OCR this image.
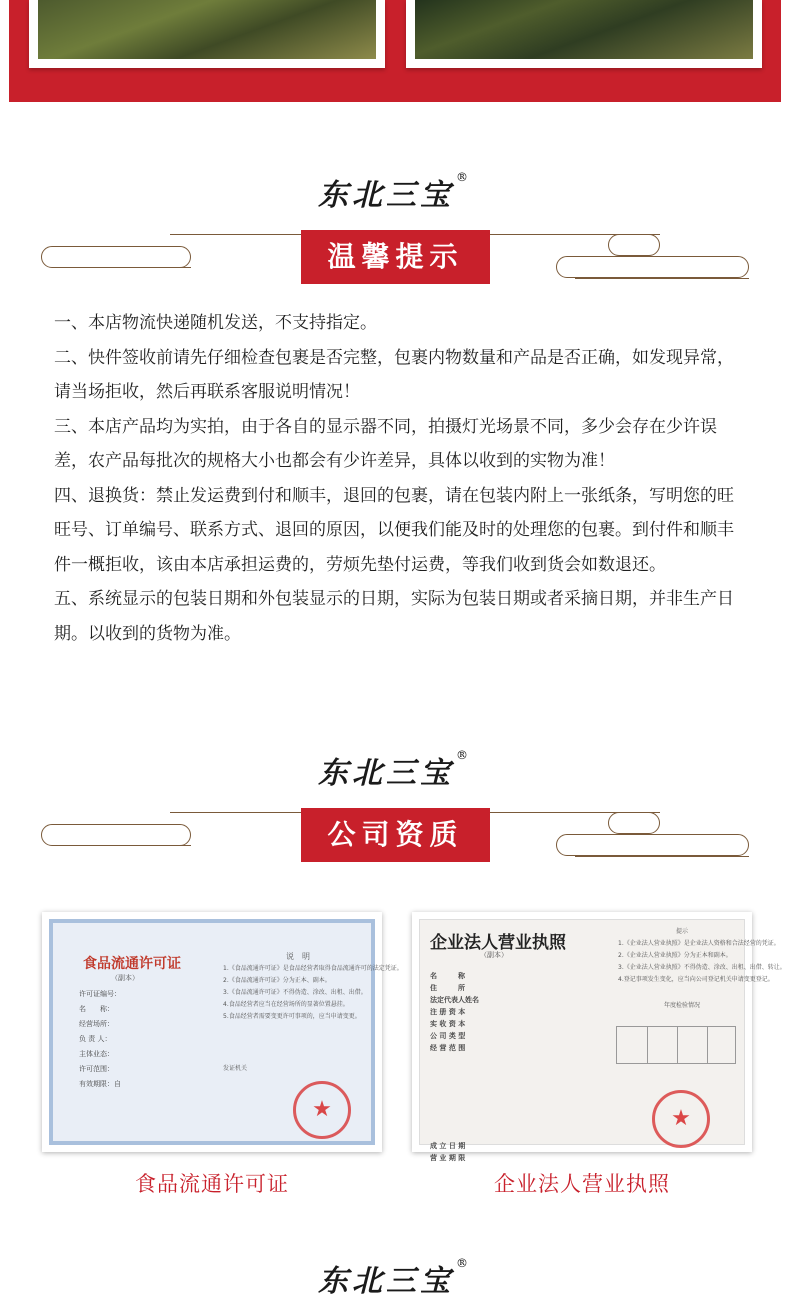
东北三宝®
温馨提示

一、本店物流快递随机发送，不支持指定。

二、快件签收前请先仔细检查包裹是否完整，包裹内物数量和产品是否正确，如发现异常，请当场拒收，然后再联系客服说明情况！

三、本店产品均为实拍，由于各自的显示器不同，拍摄灯光场景不同，多少会存在少许误差，农产品每批次的规格大小也都会有少许差异，具体以收到的实物为准！

四、退换货：禁止发运费到付和顺丰，退回的包裹，请在包装内附上一张纸条，写明您的旺旺号、订单编号、联系方式、退回的原因，以便我们能及时的处理您的包裹。到付件和顺丰件一概拒收，该由本店承担运费的，劳烦先垫付运费，等我们收到货会如数退还。

五、系统显示的包装日期和外包装显示的日期，实际为包装日期或者采摘日期，并非生产日期。以收到的货物为准。

东北三宝®
公司资质
食品流通许可证
（副本）
许可证编号：
名　　称：
经营场所：
负 责 人：
主体业态：
许可范围：
有效期限：自
说　明
1.《食品流通许可证》是食品经营者取得食品流通许可的法定凭证。
2.《食品流通许可证》分为正本、副本。
3.《食品流通许可证》不得伪造、涂改、出租、出借。
4.食品经营者应当在经营场所的显著位置悬挂。
5.食品经营者需要变更许可事项的，应当申请变更。
发证机关
★
企业法人营业执照
（副本）
名　　　称
住　　　所
法定代表人姓名
注 册 资 本
实 收 资 本
公 司 类 型
经 营 范 围
成 立 日 期
营 业 期 限
提示
1.《企业法人营业执照》是企业法人资格和合法经营的凭证。
2.《企业法人营业执照》分为正本和副本。
3.《企业法人营业执照》不得伪造、涂改、出租、出借、转让。
4.登记事项发生变化，应当向公司登记机关申请变更登记。
年度检验情况
★
食品流通许可证	企业法人营业执照
东北三宝®
